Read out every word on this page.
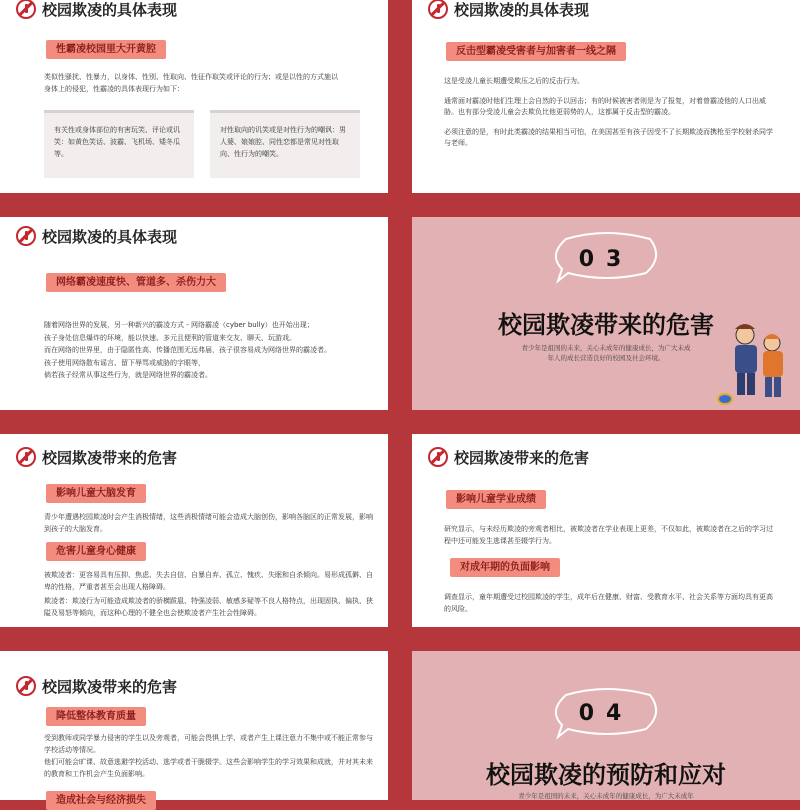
校园欺凌的具体表现
性霸凌校园里大开黄腔
类似性骚扰、性暴力，以身体、性别、性取向、性征作取笑或评论的行为；或是以性的方式施以身体上的侵犯，性霸凌的具体表现行为如下：
有关性或身体部位的有害玩笑、评论或讥笑：如黄色笑话、波霸、飞机场、矮冬瓜等。
对性取向的讥笑或是对性行为的嘲讽：男人婆、娘娘腔、同性恋都是常见对性取向、性行为的嘲笑。
校园欺凌的具体表现
反击型霸凌受害者与加害者一线之隔

这是受凌儿童长期遭受欺压之后的反击行为。

通常面对霸凌时他们生理上会自然的予以回击；有的时候被害者则是为了报复，对着曾霸凌他的人口出威胁。也有部分受凌儿童会去欺负比他更弱势的人，这都属于反击型的霸凌。

必须注意的是，有时此类霸凌的结果相当可怕，在美国甚至有孩子因受不了长期欺凌而携枪至学校射杀同学与老师。

校园欺凌的具体表现
网络霸凌速度快、管道多、杀伤力大
随着网络世界的发展，另一种新兴的霸凌方式 - 网络霸凌（cyber bully）也开始出现；
孩子身处信息爆炸的环境，能以快速、多元且便利的管道来交友、聊天、玩游戏。
而在网络的世界里，由于隐匿性高、传播范围无远弗届，孩子很容易成为网络世界的霸凌者。
孩子使用网络散布谣言、留下辱骂或威胁的字眼等，
倘若孩子经常从事这些行为，就是网络世界的霸凌者。
03
校园欺凌带来的危害
青少年是祖国的未来，关心未成年的健康成长，为广大未成年人的成长营造良好的校园及社会环境。
校园欺凌带来的危害
影响儿童大脑发育
青少年遭遇校园欺凌时会产生消极情绪，这些消极情绪可能会造成大脑创伤，影响各脑区的正常发展，影响到孩子的大脑发育。
危害儿童身心健康
被欺凌者：更容易具有压抑、焦虑、失去自信、自暴自弃、孤立、愧疚、失眠和自杀倾向。易形成孤僻、自卑的性格，严重者甚至会出现人格障碍。
欺凌者：欺凌行为可能造成欺凌者的骄横跋扈、特强凌弱、敏感多疑等不良人格特点，出现固执、偏执、狭隘及易怒等倾向，而这种心理的不健全也会使欺凌者产生社会性障碍。
校园欺凌带来的危害
影响儿童学业成绩
研究显示，与未经历欺凌的旁观者相比，被欺凌者在学业表现上更差，不仅如此，被欺凌者在之后的学习过程中还可能发生逃课甚至辍学行为。
对成年期的负面影响
调查显示，童年期遭受过校园欺凌的学生，成年后在健康、财富、受教育水平、社会关系等方面均具有更高的风险。
校园欺凌带来的危害
降低整体教育质量
受到教师或同学暴力侵害的学生以及旁观者，可能会畏惧上学、或者产生上课注意力不集中或不能正常参与学校活动等情况。
他们可能会旷课、故意逃避学校活动、逃学或者干脆辍学。这些会影响学生的学习效果和成就，并对其未来的教育和工作机会产生负面影响。
造成社会与经济损失
04
校园欺凌的预防和应对
青少年是祖国的未来，关心未成年的健康成长，为广大未成年
